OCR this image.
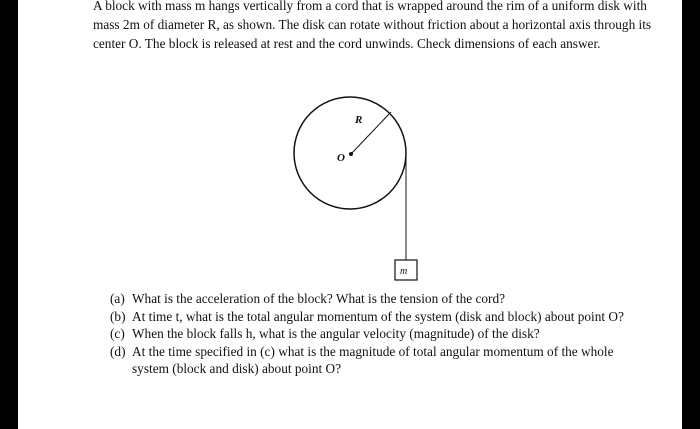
A block with mass m hangs vertically from a cord that is wrapped around the rim of a uniform disk with mass 2m of diameter R, as shown. The disk can rotate without friction about a horizontal axis through its center O. The block is released at rest and the cord unwinds. Check dimensions of each answer.

R
O
m
(a) What is the acceleration of the block? What is the tension of the cord?
(b) At time t, what is the total angular momentum of the system (disk and block) about point O?
(c) When the block falls h, what is the angular velocity (magnitude) of the disk?
(d) At the time specified in (c) what is the magnitude of total angular momentum of the whole system (block and disk) about point O?
